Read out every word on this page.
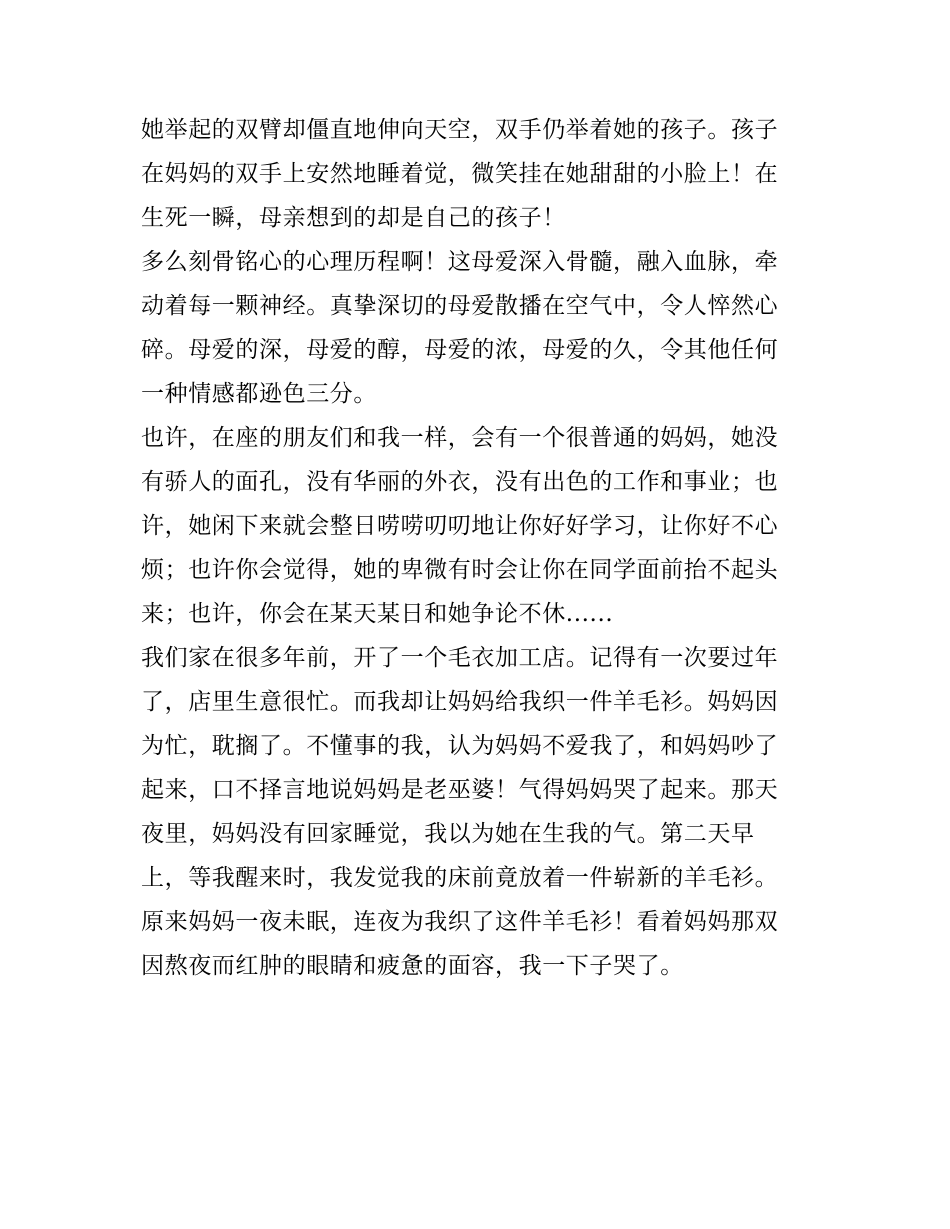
她举起的双臂却僵直地伸向天空，双手仍举着她的孩子。孩子
在妈妈的双手上安然地睡着觉，微笑挂在她甜甜的小脸上！在
生死一瞬，母亲想到的却是自己的孩子！
多么刻骨铭心的心理历程啊！这母爱深入骨髓，融入血脉，牵
动着每一颗神经。真挚深切的母爱散播在空气中，令人悴然心
碎。母爱的深，母爱的醇，母爱的浓，母爱的久，令其他任何
一种情感都逊色三分。
也许，在座的朋友们和我一样，会有一个很普通的妈妈，她没
有骄人的面孔，没有华丽的外衣，没有出色的工作和事业；也
许，她闲下来就会整日唠唠叨叨地让你好好学习，让你好不心
烦；也许你会觉得，她的卑微有时会让你在同学面前抬不起头
来；也许，你会在某天某日和她争论不休......
我们家在很多年前，开了一个毛衣加工店。记得有一次要过年
了，店里生意很忙。而我却让妈妈给我织一件羊毛衫。妈妈因
为忙，耽搁了。不懂事的我，认为妈妈不爱我了，和妈妈吵了
起来，口不择言地说妈妈是老巫婆！气得妈妈哭了起来。那天
夜里，妈妈没有回家睡觉，我以为她在生我的气。第二天早
上，等我醒来时，我发觉我的床前竟放着一件崭新的羊毛衫。
原来妈妈一夜未眠，连夜为我织了这件羊毛衫！看着妈妈那双
因熬夜而红肿的眼睛和疲惫的面容，我一下子哭了。
